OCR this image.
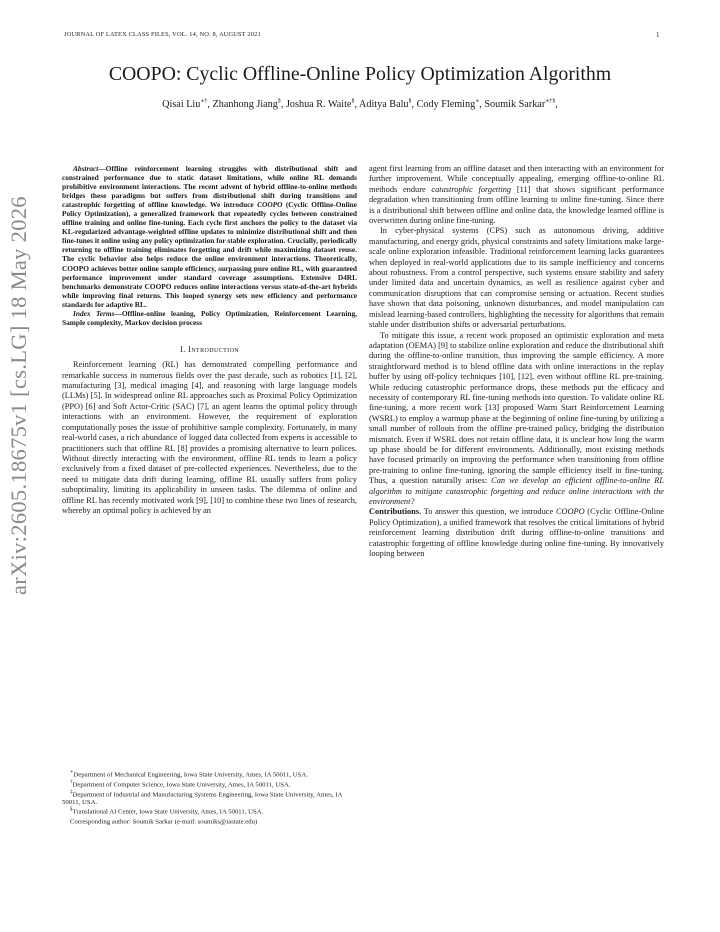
JOURNAL OF LATEX CLASS FILES, VOL. 14, NO. 8, AUGUST 2021	1
arXiv:2605.18675v1 [cs.LG] 18 May 2026
COOPO: Cyclic Offline-Online Policy Optimization Algorithm
Qisai Liu∗†, Zhanhong Jiang§, Joshua R. Waite§, Aditya Balu§, Cody Fleming∗, Soumik Sarkar∗†§,

Abstract—Offline reinforcement learning struggles with distributional shift and constrained performance due to static dataset limitations, while online RL demands prohibitive environment interactions. The recent advent of hybrid offline-to-online methods bridges these paradigms but suffers from distributional shift during transitions and catastrophic forgetting of offline knowledge. We introduce COOPO (Cyclic Offline-Online Policy Optimization), a generalized framework that repeatedly cycles between constrained offline training and online fine-tuning. Each cycle first anchors the policy to the dataset via KL-regularized advantage-weighted offline updates to minimize distributional shift and then fine-tunes it online using any policy optimization for stable exploration. Crucially, periodically returning to offline training eliminates forgetting and drift while maximizing dataset reuse. The cyclic behavior also helps reduce the online environment interactions. Theoretically, COOPO achieves better online sample efficiency, surpassing pure online RL, with guaranteed performance improvement under standard coverage assumptions. Extensive D4RL benchmarks demonstrate COOPO reduces online interactions versus state-of-the-art hybrids while improving final returns. This looped synergy sets new efficiency and performance standards for adaptive RL.

Index Terms—Offline-online leaning, Policy Optimization, Reinforcement Learning, Sample complexity, Markov decision process

I. Introduction

Reinforcement learning (RL) has demonstrated compelling performance and remarkable success in numerous fields over the past decade, such as robotics [1], [2], manufacturing [3], medical imaging [4], and reasoning with large language models (LLMs) [5]. In widespread online RL approaches such as Proximal Policy Optimization (PPO) [6] and Soft Actor-Critic (SAC) [7], an agent learns the optimal policy through interactions with an environment. However, the requirement of exploration computationally poses the issue of prohibitive sample complexity. Fortunately, in many real-world cases, a rich abundance of logged data collected from experts is accessible to practitioners such that offline RL [8] provides a promising alternative to learn polices. Without directly interacting with the environment, offline RL tends to learn a policy exclusively from a fixed dataset of pre-collected experiences. Nevertheless, due to the need to mitigate data drift during learning, offline RL usually suffers from policy suboptimality, limiting its applicability in unseen tasks. The dilemma of online and offline RL has recently motivated work [9], [10] to combine these two lines of research, whereby an optimal policy is achieved by an

∗Department of Mechanical Engineering, Iowa State University, Ames, IA 50011, USA.
†Department of Computer Science, Iowa State University, Ames, IA 50011, USA.
‡Department of Industrial and Manufacturing Systems Engineering, Iowa State University, Ames, IA 50011, USA.
§Translational AI Center, Iowa State University, Ames, IA 50011, USA.
Corresponding author: Soumik Sarkar (e-mail: soumiks@iastate.edu)

agent first learning from an offline dataset and then interacting with an environment for further improvement. While conceptually appealing, emerging offline-to-online RL methods endure catastrophic forgetting [11] that shows significant performance degradation when transitioning from offline learning to online fine-tuning. Since there is a distributional shift between offline and online data, the knowledge learned offline is overwritten during online fine-tuning.

In cyber-physical systems (CPS) such as autonomous driving, additive manufacturing, and energy grids, physical constraints and safety limitations make large-scale online exploration infeasible. Traditional reinforcement learning lacks guarantees when deployed in real-world applications due to its sample inefficiency and concerns about robustness. From a control perspective, such systems ensure stability and safety under limited data and uncertain dynamics, as well as resilience against cyber and communication disruptions that can compromise sensing or actuation. Recent studies have shown that data poisoning, unknown disturbances, and model manipulation can mislead learning-based controllers, highlighting the necessity for algorithms that remain stable under distribution shifts or adversarial perturbations.

To mitigate this issue, a recent work proposed an optimistic exploration and meta adaptation (OEMA) [9] to stabilize online exploration and reduce the distributional shift during the offline-to-online transition, thus improving the sample efficiency. A more straightforward method is to blend offline data with online interactions in the replay buffer by using off-policy techniques [10], [12], even without offline RL pre-training. While reducing catastrophic performance drops, these methods put the efficacy and necessity of contemporary RL fine-tuning methods into question. To validate online RL fine-tuning, a more recent work [13] proposed Warm Start Reinforcement Learning (WSRL) to employ a warmup phase at the beginning of online fine-tuning by utilizing a small number of rollouts from the offline pre-trained policy, bridging the distribution mismatch. Even if WSRL does not retain offline data, it is unclear how long the warm up phase should be for different environments. Additionally, most existing methods have focused primarily on improving the performance when transitioning from offline pre-training to online fine-tuning, ignoring the sample efficiency itself in fine-tuning. Thus, a question naturally arises: Can we develop an efficient offline-to-online RL algorithm to mitigate catastrophic forgetting and reduce online interactions with the environment?

Contributions. To answer this question, we introduce COOPO (Cyclic Offline-Online Policy Optimization), a unified framework that resolves the critical limitations of hybrid reinforcement learning distribution drift during offline-to-online transitions and catastrophic forgetting of offline knowledge during online fine-tuning. By innovatively looping between
